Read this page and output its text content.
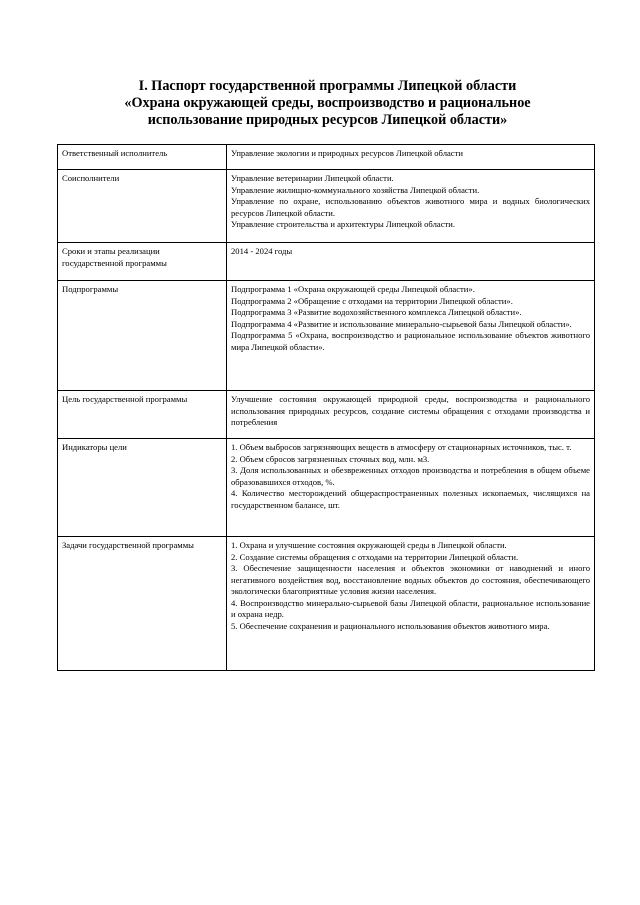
I. Паспорт государственной программы Липецкой области
«Охрана окружающей среды, воспроизводство и рациональное
использование природных ресурсов Липецкой области»
Ответственный исполнитель	Управление экологии и природных ресурсов Липецкой области

Соисполнители	Управление ветеринарии Липецкой области.
Управление жилищно-коммунального хозяйства Липецкой области.
Управление по охране, использованию объектов животного мира и водных биологических ресурсов Липецкой области.
Управление строительства и архитектуры Липецкой области.

Сроки и этапы реализации государственной программы	2014 - 2024 годы

Подпрограммы	Подпрограмма 1 «Охрана окружающей среды Липецкой области».
Подпрограмма 2 «Обращение с отходами на территории Липецкой области».
Подпрограмма 3 «Развитие водохозяйственного комплекса Липецкой области».
Подпрограмма 4 «Развитие и использование минерально-сырьевой базы Липецкой области».
Подпрограмма 5 «Охрана, воспроизводство и рациональное использование объектов животного мира Липецкой области».

Цель государственной программы	Улучшение состояния окружающей природной среды, воспроизводства и рационального использования природных ресурсов, создание системы обращения с отходами производства и потребления

Индикаторы цели	1. Объем выбросов загрязняющих веществ в атмосферу от стационарных источников, тыс. т.
2. Объем сбросов загрязненных сточных вод, млн. м3.
3. Доля использованных и обезвреженных отходов производства и потребления в общем объеме образовавшихся отходов, %.
4. Количество месторождений общераспространенных полезных ископаемых, числящихся на государственном балансе, шт.

Задачи государственной программы	1. Охрана и улучшение состояния окружающей среды в Липецкой области.
2. Создание системы обращения с отходами на территории Липецкой области.
3. Обеспечение защищенности населения и объектов экономики от наводнений и иного негативного воздействия вод, восстановление водных объектов до состояния, обеспечивающего экологически благоприятные условия жизни населения.
4. Воспроизводство минерально-сырьевой базы Липецкой области, рациональное использование и охрана недр.
5. Обеспечение сохранения и рационального использования объектов животного мира.
